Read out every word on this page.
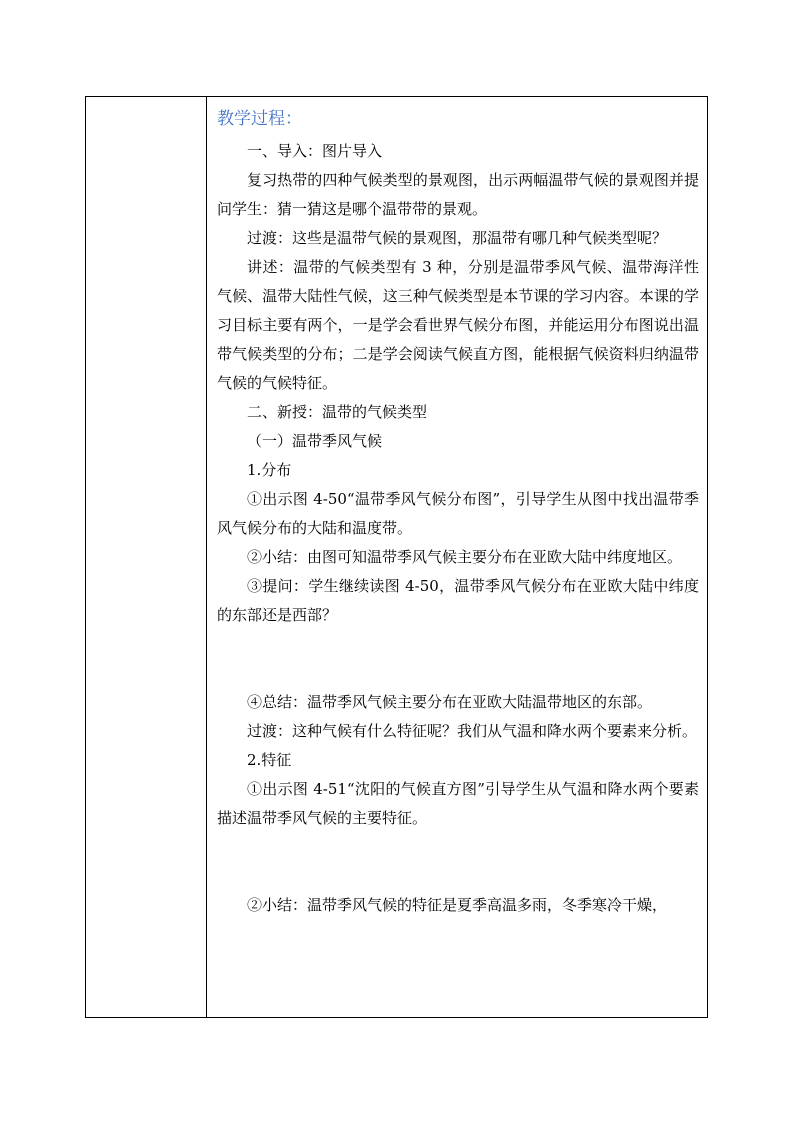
教学过程：

一、导入：图片导入

复习热带的四种气候类型的景观图，出示两幅温带气候的景观图并提问学生：猜一猜这是哪个温带带的景观。

过渡：这些是温带气候的景观图，那温带有哪几种气候类型呢？

讲述：温带的气候类型有 3 种，分别是温带季风气候、温带海洋性气候、温带大陆性气候，这三种气候类型是本节课的学习内容。本课的学习目标主要有两个，一是学会看世界气候分布图，并能运用分布图说出温带气候类型的分布；二是学会阅读气候直方图，能根据气候资料归纳温带气候的气候特征。

二、新授：温带的气候类型

（一）温带季风气候

1.分布

①出示图 4-50“温带季风气候分布图”，引导学生从图中找出温带季风气候分布的大陆和温度带。

②小结：由图可知温带季风气候主要分布在亚欧大陆中纬度地区。

③提问：学生继续读图 4-50，温带季风气候分布在亚欧大陆中纬度的东部还是西部？

④总结：温带季风气候主要分布在亚欧大陆温带地区的东部。

过渡：这种气候有什么特征呢？我们从气温和降水两个要素来分析。

2.特征

①出示图 4-51“沈阳的气候直方图”引导学生从气温和降水两个要素描述温带季风气候的主要特征。

②小结：温带季风气候的特征是夏季高温多雨，冬季寒冷干燥，
